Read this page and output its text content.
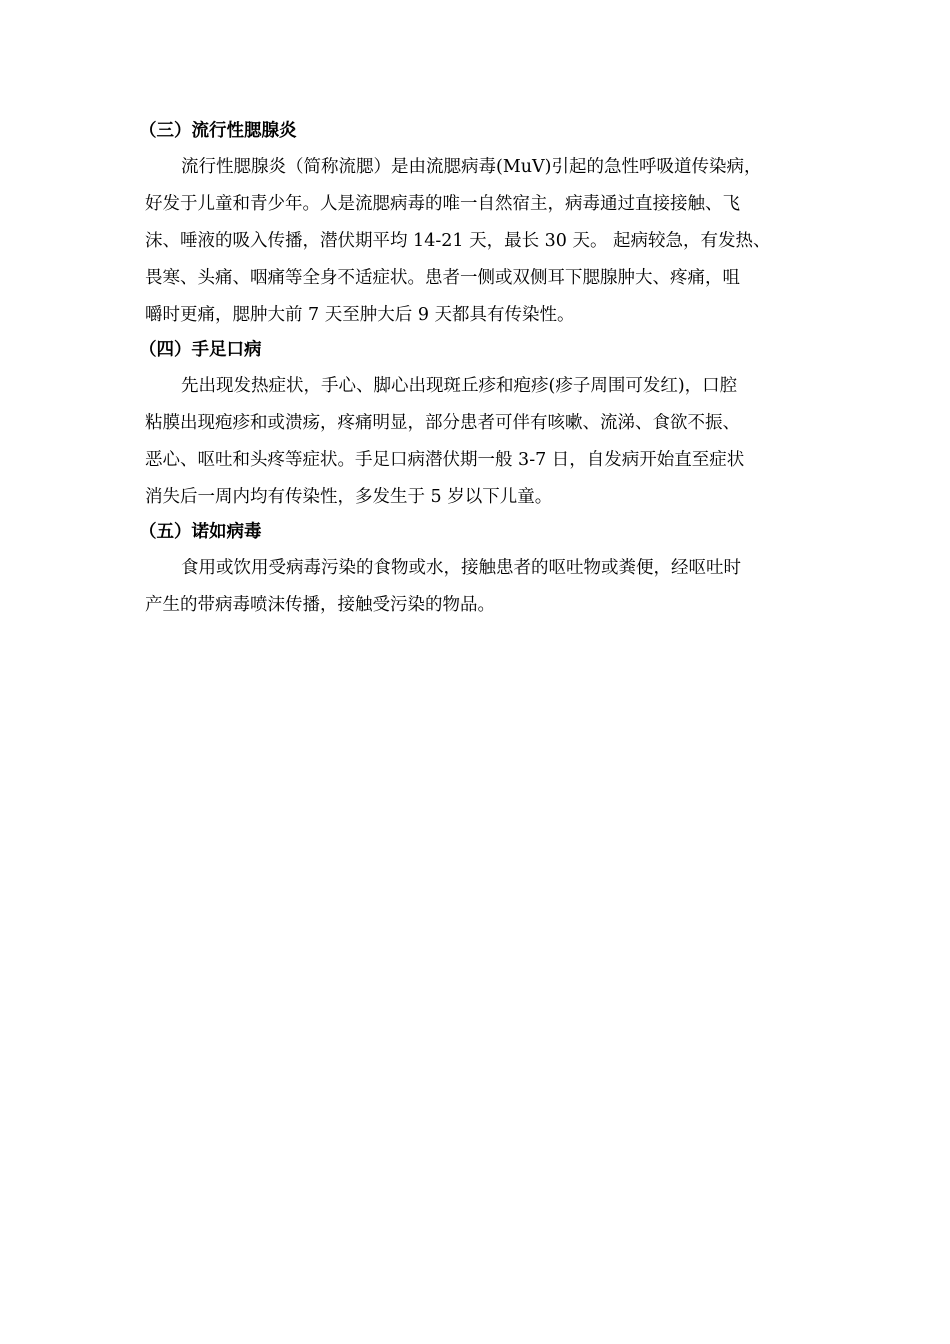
（三）流行性腮腺炎

流行性腮腺炎（简称流腮）是由流腮病毒(MuV)引起的急性呼吸道传染病，
好发于儿童和青少年。人是流腮病毒的唯一自然宿主，病毒通过直接接触、飞
沫、唾液的吸入传播，潜伏期平均 14-21 天，最长 30 天。 起病较急，有发热、
畏寒、头痛、咽痛等全身不适症状。患者一侧或双侧耳下腮腺肿大、疼痛，咀
嚼时更痛，腮肿大前 7 天至肿大后 9 天都具有传染性。

（四）手足口病

先出现发热症状，手心、脚心出现斑丘疹和疱疹(疹子周围可发红)，口腔
粘膜出现疱疹和或溃疡，疼痛明显，部分患者可伴有咳嗽、流涕、食欲不振、
恶心、呕吐和头疼等症状。手足口病潜伏期一般 3-7 日，自发病开始直至症状
消失后一周内均有传染性，多发生于 5 岁以下儿童。

（五）诺如病毒

食用或饮用受病毒污染的食物或水，接触患者的呕吐物或粪便，经呕吐时
产生的带病毒喷沫传播，接触受污染的物品。
